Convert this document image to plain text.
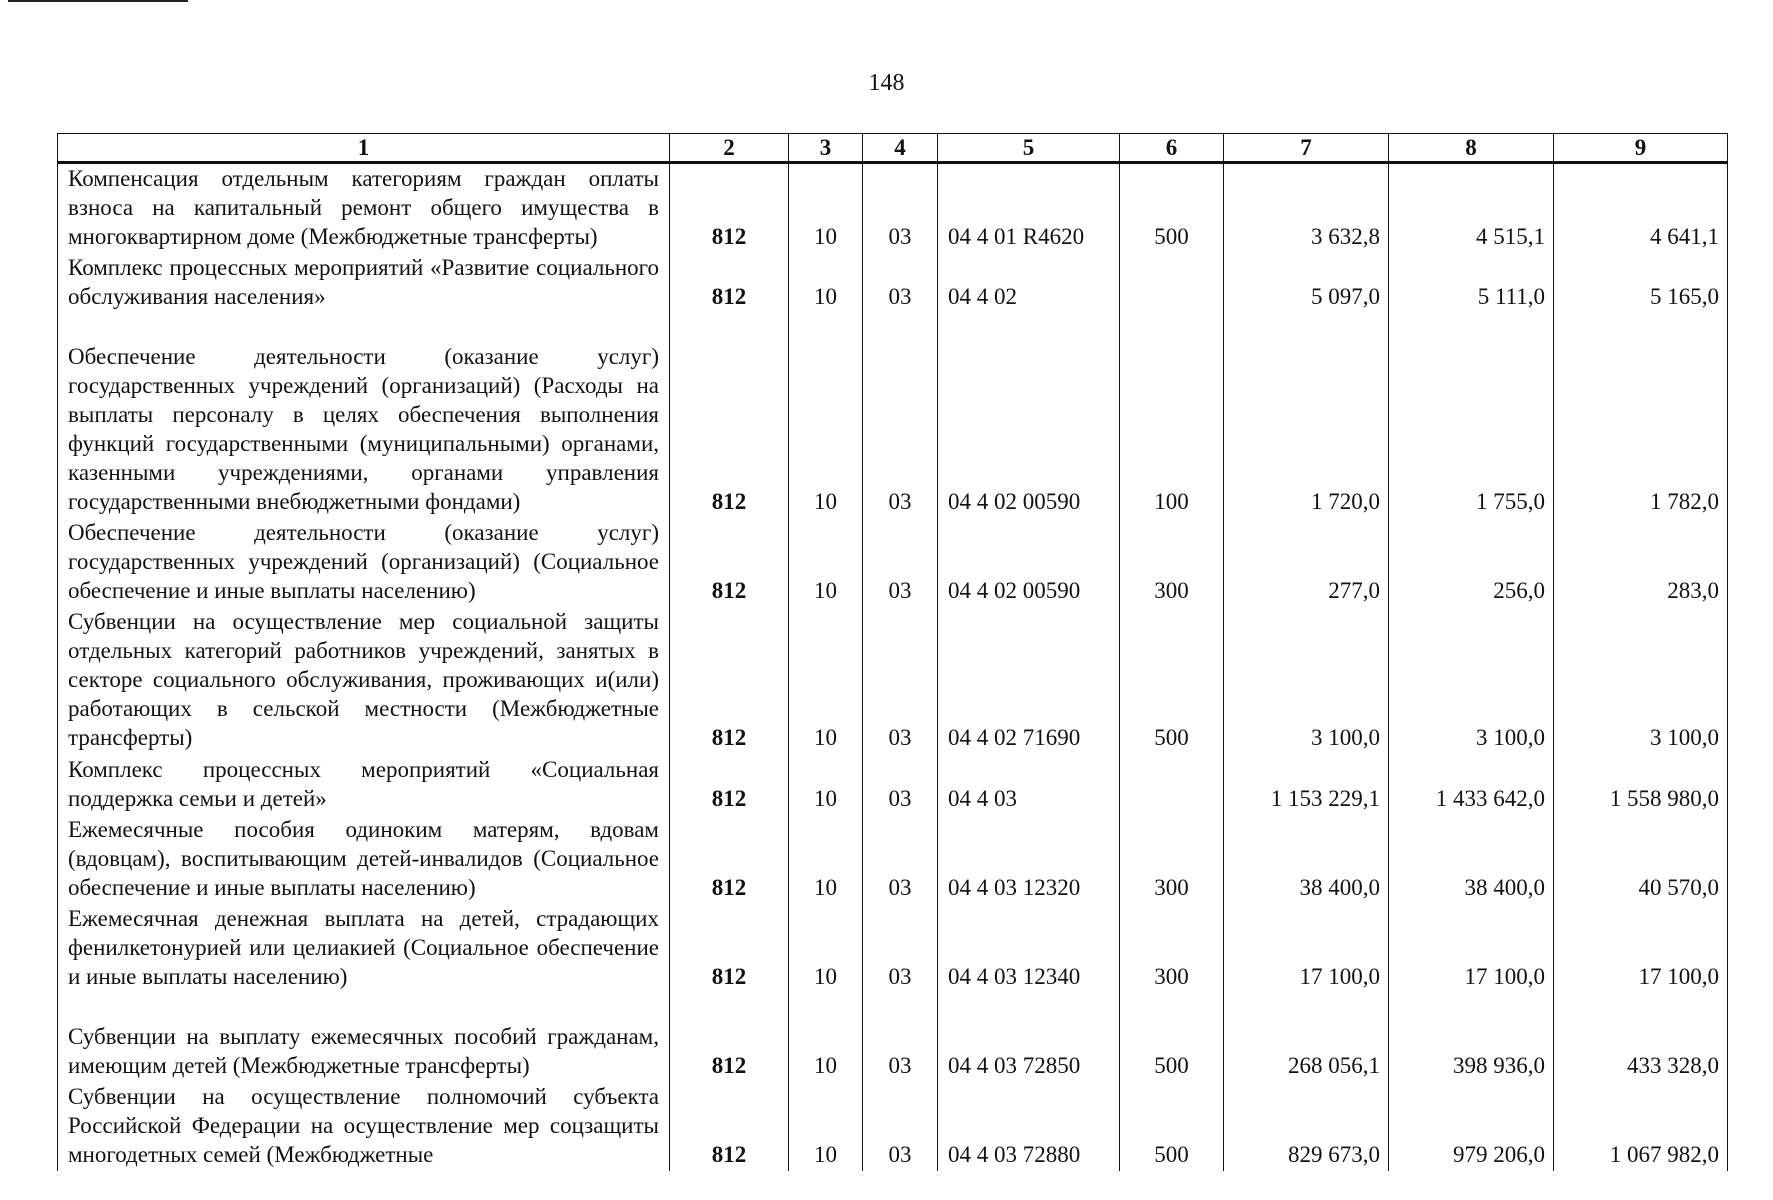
148
1	2	3	4	5	6	7	8	9
Компенсация отдельным категориям граждан оплаты взноса на капитальный ремонт общего имущества в многоквартирном доме (Межбюджетные трансферты)	812	10	03	04 4 01 R4620	500	3 632,8	4 515,1	4 641,1
Комплекс процессных мероприятий «Развитие социального обслуживания населения»	812	10	03	04 4 02		5 097,0	5 111,0	5 165,0
Обеспечение деятельности (оказание услуг) государственных учреждений (организаций) (Расходы на выплаты персоналу в целях обеспечения выполнения функций государственными (муниципальными) органами, казенными учреждениями, органами управления государственными внебюджетными фондами)	812	10	03	04 4 02 00590	100	1 720,0	1 755,0	1 782,0
Обеспечение деятельности (оказание услуг) государственных учреждений (организаций) (Социальное обеспечение и иные выплаты населению)	812	10	03	04 4 02 00590	300	277,0	256,0	283,0
Субвенции на осуществление мер социальной защиты отдельных категорий работников учреждений, занятых в секторе социального обслуживания, проживающих и(или) работающих в сельской местности (Межбюджетные трансферты)	812	10	03	04 4 02 71690	500	3 100,0	3 100,0	3 100,0
Комплекс процессных мероприятий «Социальная поддержка семьи и детей»	812	10	03	04 4 03		1 153 229,1	1 433 642,0	1 558 980,0
Ежемесячные пособия одиноким матерям, вдовам (вдовцам), воспитывающим детей-инвалидов (Социальное обеспечение и иные выплаты населению)	812	10	03	04 4 03 12320	300	38 400,0	38 400,0	40 570,0
Ежемесячная денежная выплата на детей, страдающих фенилкетонурией или целиакией (Социальное обеспечение и иные выплаты населению)	812	10	03	04 4 03 12340	300	17 100,0	17 100,0	17 100,0
Субвенции на выплату ежемесячных пособий гражданам, имеющим детей (Межбюджетные трансферты)	812	10	03	04 4 03 72850	500	268 056,1	398 936,0	433 328,0
Субвенции на осуществление полномочий субъекта Российской Федерации на осуществление мер соцзащиты многодетных семей (Межбюджетные	812	10	03	04 4 03 72880	500	829 673,0	979 206,0	1 067 982,0
